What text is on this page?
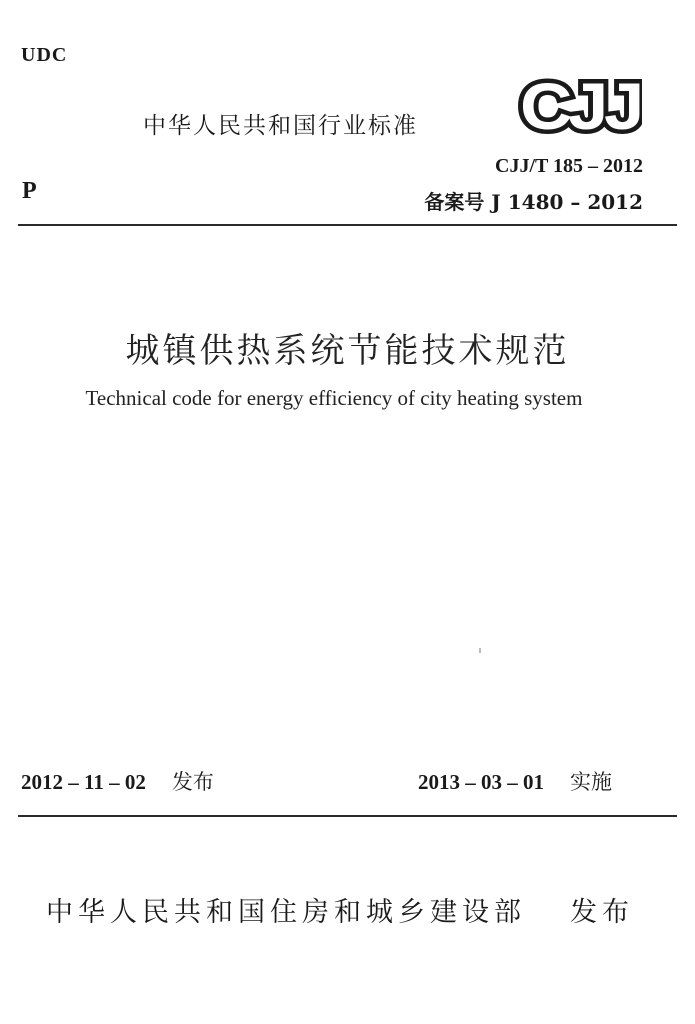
UDC
中华人民共和国行业标准 CJJ
CJJ/T 185 – 2012
备案号 J 1480 – 2012
P
城镇供热系统节能技术规范
Technical code for energy efficiency of city heating system
2012 – 11 – 02 发布	2013 – 03 – 01 实施
中华人民共和国住房和城乡建设部 发布
